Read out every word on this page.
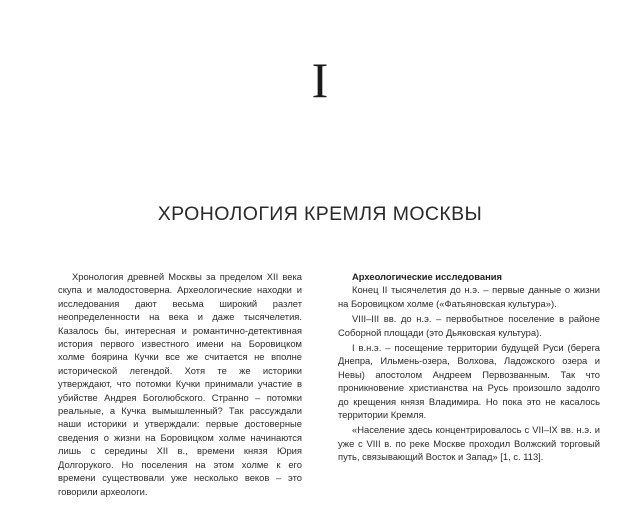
I
ХРОНОЛОГИЯ КРЕМЛЯ МОСКВЫ

Хронология древней Москвы за пределом XII века скупа и малодостоверна. Археологические находки и исследования дают весьма широкий разлет неопределенности на века и даже тысячелетия. Казалось бы, интересная и романтично-детективная история первого известного имени на Боровицком холме боярина Кучки все же считается не вполне исторической легендой. Хотя те же историки утверждают, что потомки Кучки принимали участие в убийстве Андрея Боголюбского. Странно – потомки реальные, а Кучка вымышленный? Так рассуждали наши историки и утверждали: первые достоверные сведения о жизни на Боровицком холме начинаются лишь с середины XII в., времени князя Юрия Долгорукого. Но поселения на этом холме к его времени существовали уже несколько веков – это говорили археологи.

Археологические исследования

Конец II тысячелетия до н.э. – первые данные о жизни на Боровицком холме («Фатьяновская культура»).

VIII–III вв. до н.э. – первобытное поселение в районе Соборной площади (это Дьяковская культура).

I в.н.э. – посещение территории будущей Руси (берега Днепра, Ильмень-озера, Волхова, Ладожского озера и Невы) апостолом Андреем Первозванным. Так что проникновение христианства на Русь произошло задолго до крещения князя Владимира. Но пока это не касалось территории Кремля.

«Население здесь концентрировалось с VII–IX вв. н.э. и уже с VIII в. по реке Москве проходил Волжский торговый путь, связывающий Восток и Запад» [1, с. 113].
